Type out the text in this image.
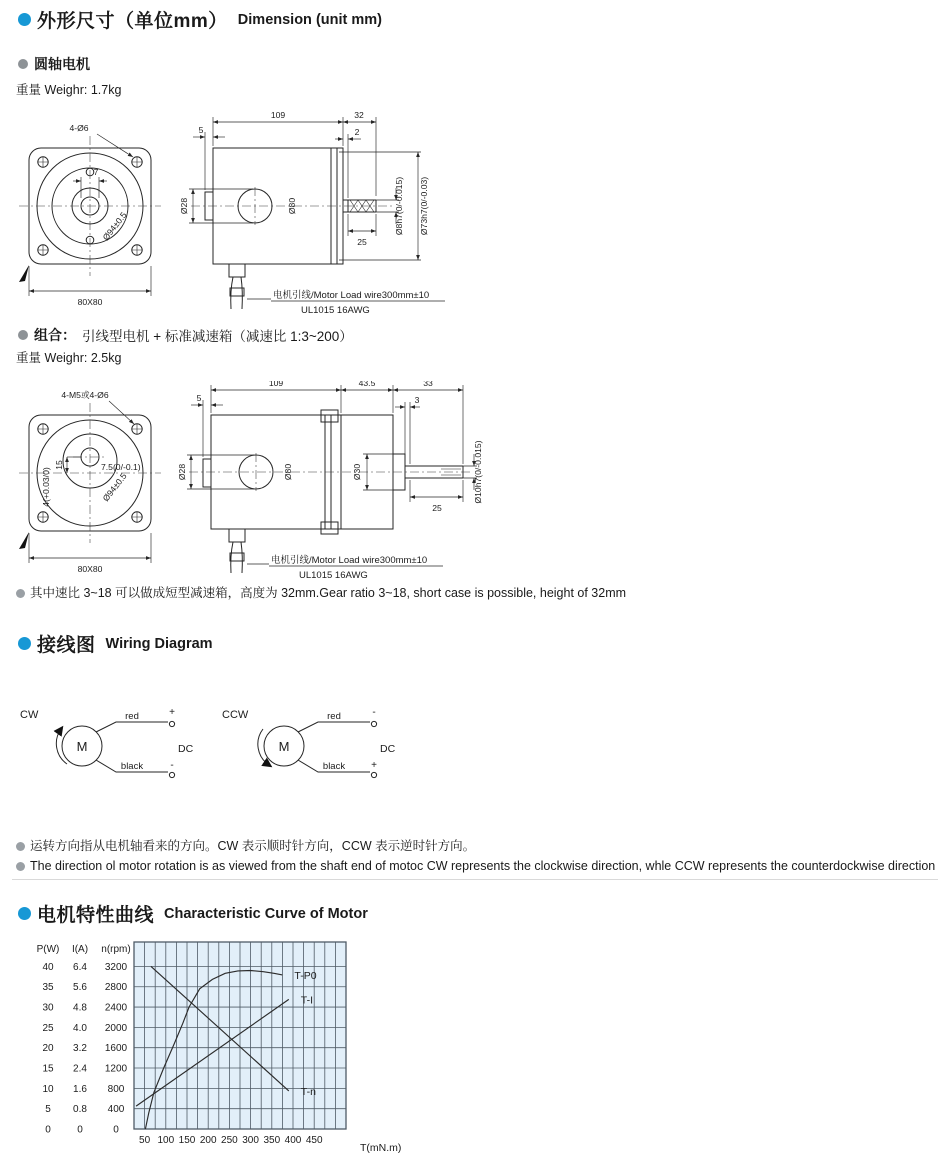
外形尺寸（单位mm） Dimension (unit mm)
圆轴电机
重量 Weighr: 1.7kg
7
4-Ø6
Ø94±0.5
80X80
电机引线/Motor Load wire300mm±10
UL1015 16AWG
109	32
5	2
Ø28	Ø80	Ø8h7(0/-0.015) Ø73h7(0/-0.03)
25
组合： 引线型电机 + 标准减速箱（减速比 1:3~200）
重量 Weighr: 2.5kg
4-M5或4-Ø6
15	7.5(0/-0.1)
4(+0.03/0)	Ø94±0.5
80X80
电机引线/Motor Load wire300mm±10
UL1015 16AWG
109	43.5	33
5	3
Ø28	Ø80	Ø30	Ø10h7(0/-0.015)
25
其中速比 3~18 可以做成短型减速箱，高度为 32mm.Gear ratio 3~18, short case is possible, height of 32mm
接线图 Wiring Diagram
CW
M
red	+
black	-
DC
CCW
M
red	-
black	+
DC
运转方向指从电机轴看来的方向。CW 表示顺时针方向，CCW 表示逆时针方向。
The direction ol motor rotation is as viewed from the shaft end of motoc CW represents the clockwise direction, whle CCW represents the counterdockwise direction
电机特性曲线 Characteristic Curve of Motor
50 100 150 200 250 300 350 400 450
T(mN.m)
P(W)
40
35
30
25
20
15
10
5
0
I(A)
6.4
5.6
4.8
4.0
3.2
2.4
1.6
0.8
0
n(rpm)
3200
2800
2400
2000
1600
1200
800
400
0
T-P0
T-I
T-n
